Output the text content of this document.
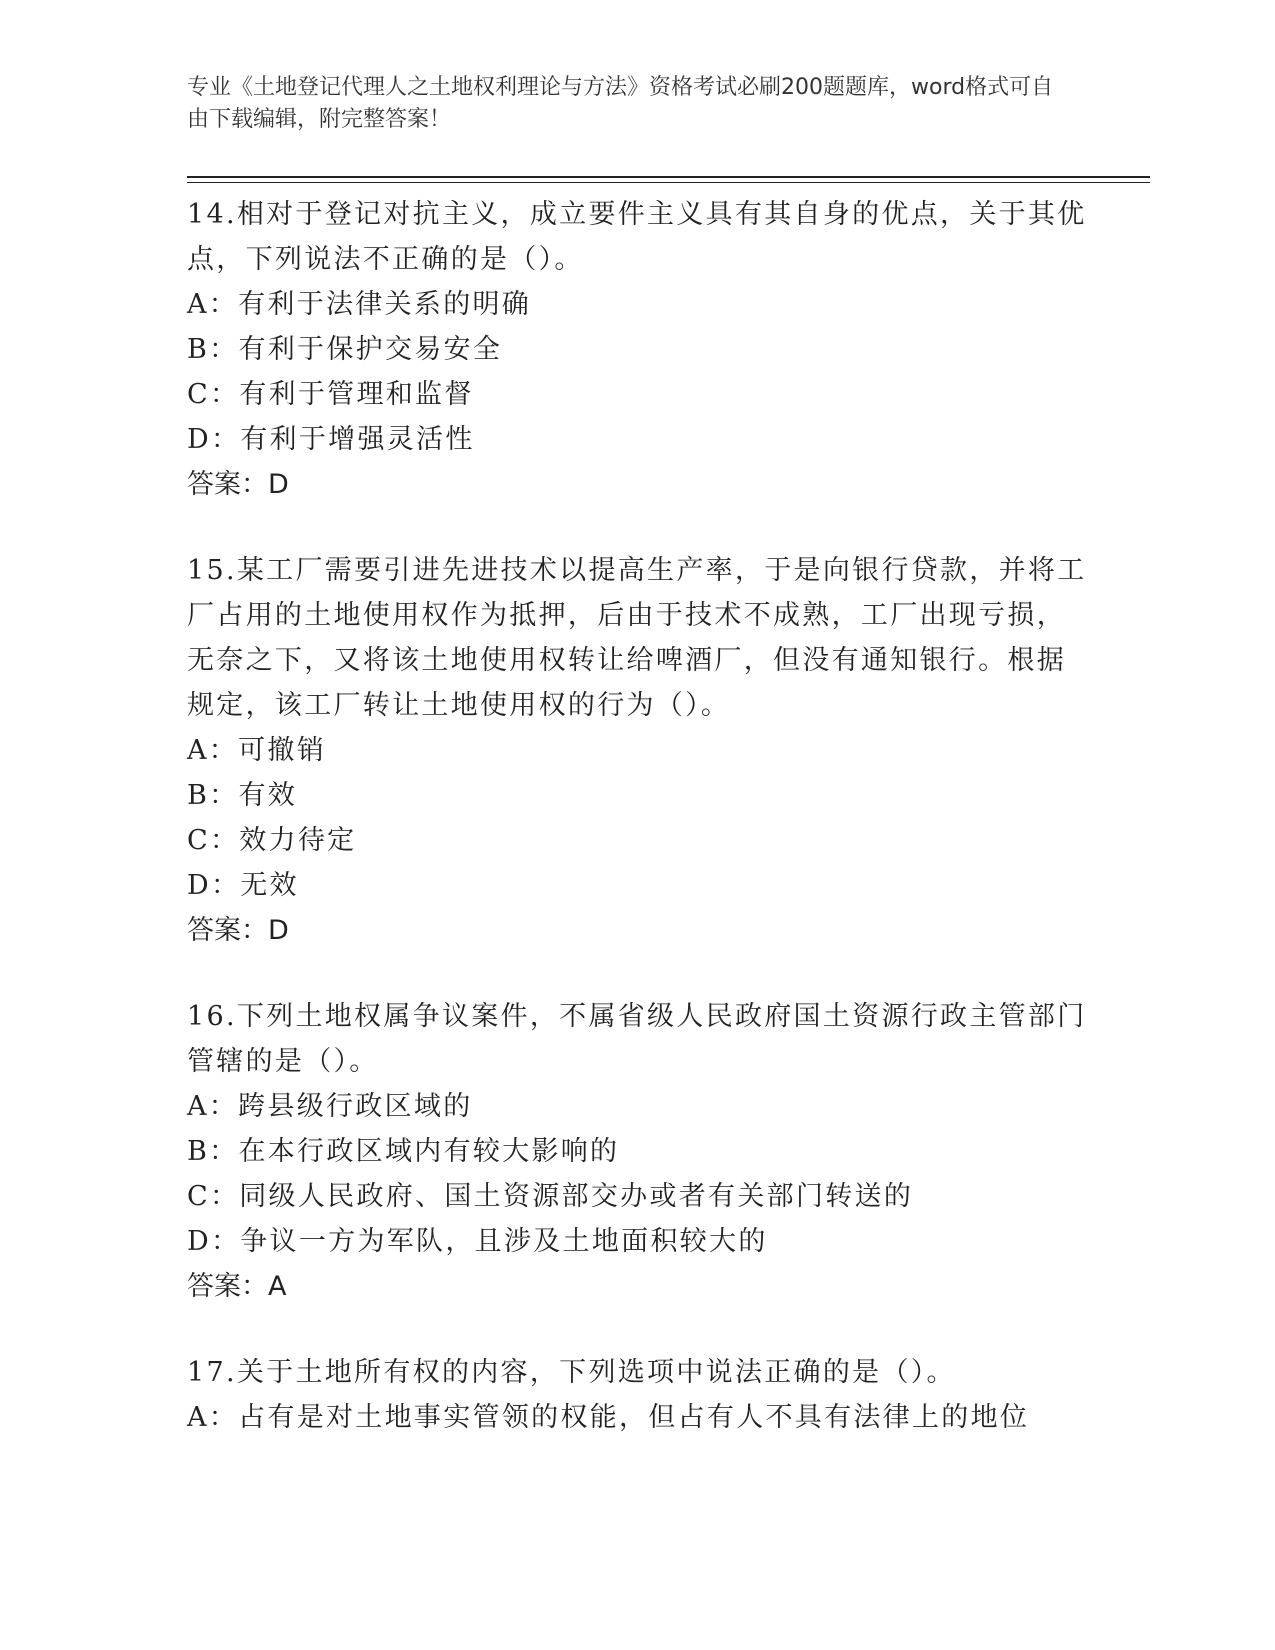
专业《土地登记代理人之土地权利理论与方法》资格考试必刷200题题库，word格式可自由下载编辑，附完整答案！

14.相对于登记对抗主义，成立要件主义具有其自身的优点，关于其优点，下列说法不正确的是（）。

A：有利于法律关系的明确

B：有利于保护交易安全

C：有利于管理和监督

D：有利于增强灵活性

答案：D

15.某工厂需要引进先进技术以提高生产率，于是向银行贷款，并将工厂占用的土地使用权作为抵押，后由于技术不成熟，工厂出现亏损，无奈之下，又将该土地使用权转让给啤酒厂，但没有通知银行。根据规定，该工厂转让土地使用权的行为（）。

A：可撤销

B：有效

C：效力待定

D：无效

答案：D

16.下列土地权属争议案件，不属省级人民政府国土资源行政主管部门管辖的是（）。

A：跨县级行政区域的

B：在本行政区域内有较大影响的

C：同级人民政府、国土资源部交办或者有关部门转送的

D：争议一方为军队，且涉及土地面积较大的

答案：A

17.关于土地所有权的内容，下列选项中说法正确的是（）。

A：占有是对土地事实管领的权能，但占有人不具有法律上的地位
